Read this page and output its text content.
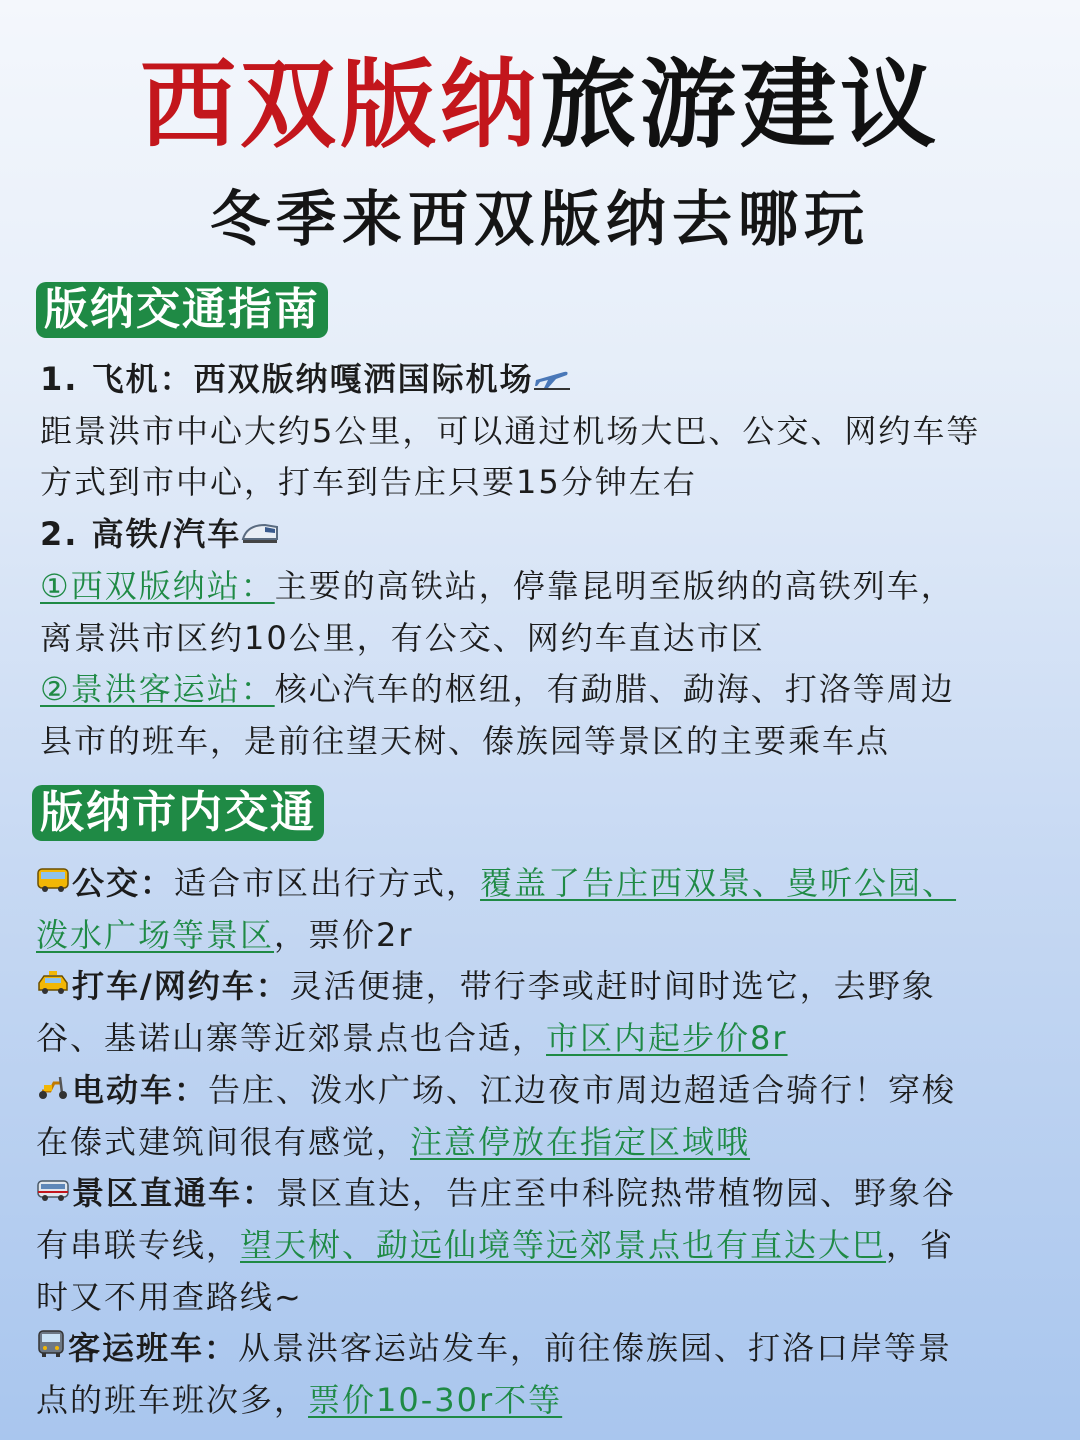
西双版纳旅游建议
冬季来西双版纳去哪玩
版纳交通指南
1. 飞机：西双版纳嘎洒国际机场
距景洪市中心大约5公里，可以通过机场大巴、公交、网约车等
方式到市中心，打车到告庄只要15分钟左右
2. 高铁/汽车
①西双版纳站：主要的高铁站，停靠昆明至版纳的高铁列车，
离景洪市区约10公里，有公交、网约车直达市区
②景洪客运站：核心汽车的枢纽，有勐腊、勐海、打洛等周边
县市的班车，是前往望天树、傣族园等景区的主要乘车点
版纳市内交通
公交：适合市区出行方式，覆盖了告庄西双景、曼听公园、
泼水广场等景区，票价2r
打车/网约车：灵活便捷，带行李或赶时间时选它，去野象
谷、基诺山寨等近郊景点也合适，市区内起步价8r
电动车：告庄、泼水广场、江边夜市周边超适合骑行！穿梭
在傣式建筑间很有感觉，注意停放在指定区域哦
景区直通车：景区直达，告庄至中科院热带植物园、野象谷
有串联专线，望天树、勐远仙境等远郊景点也有直达大巴，省
时又不用查路线~
客运班车：从景洪客运站发车，前往傣族园、打洛口岸等景
点的班车班次多，票价10-30r不等
